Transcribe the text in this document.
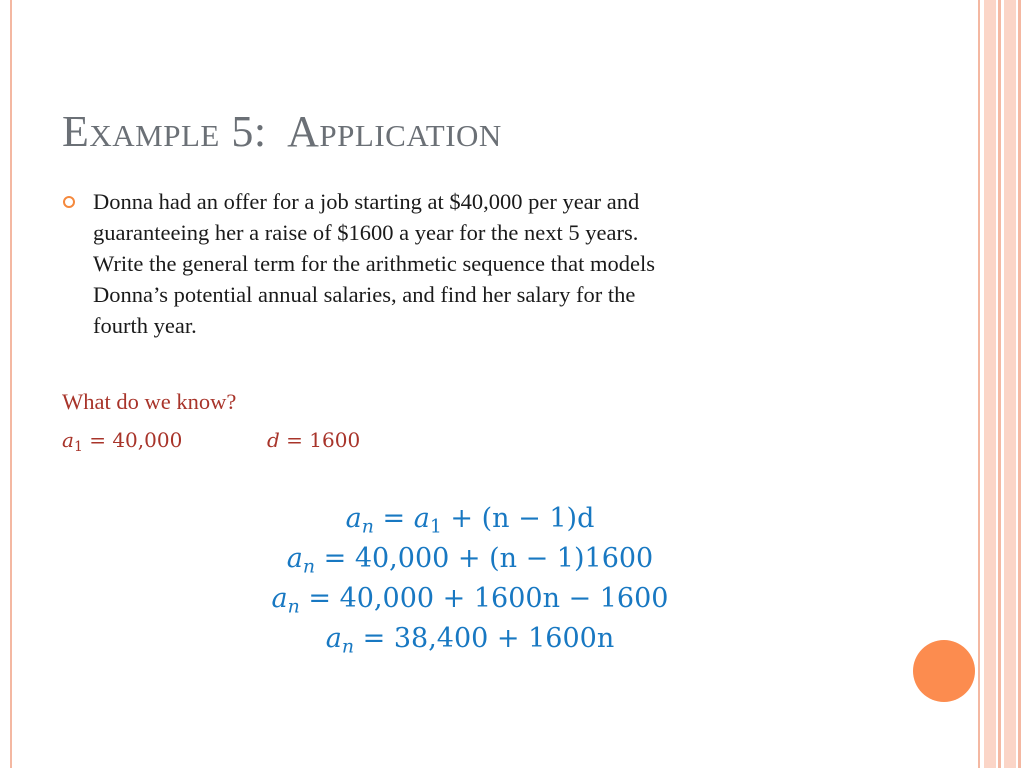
Example 5:  Application
Donna had an offer for a job starting at $40,000 per year and
guaranteeing her a raise of $1600 a year for the next 5 years.
Write the general term for the arithmetic sequence that models
Donna’s potential annual salaries, and find her salary for the
fourth year.
What do we know?
$a_1 = 40,000$	d = 1600
$a_n = a_1 + (n - 1)d$
$a_n = 40,000 + (n - 1)1600$
$a_n = 40,000 + 1600n - 1600$
$a_n = 38,400 + 1600n$
